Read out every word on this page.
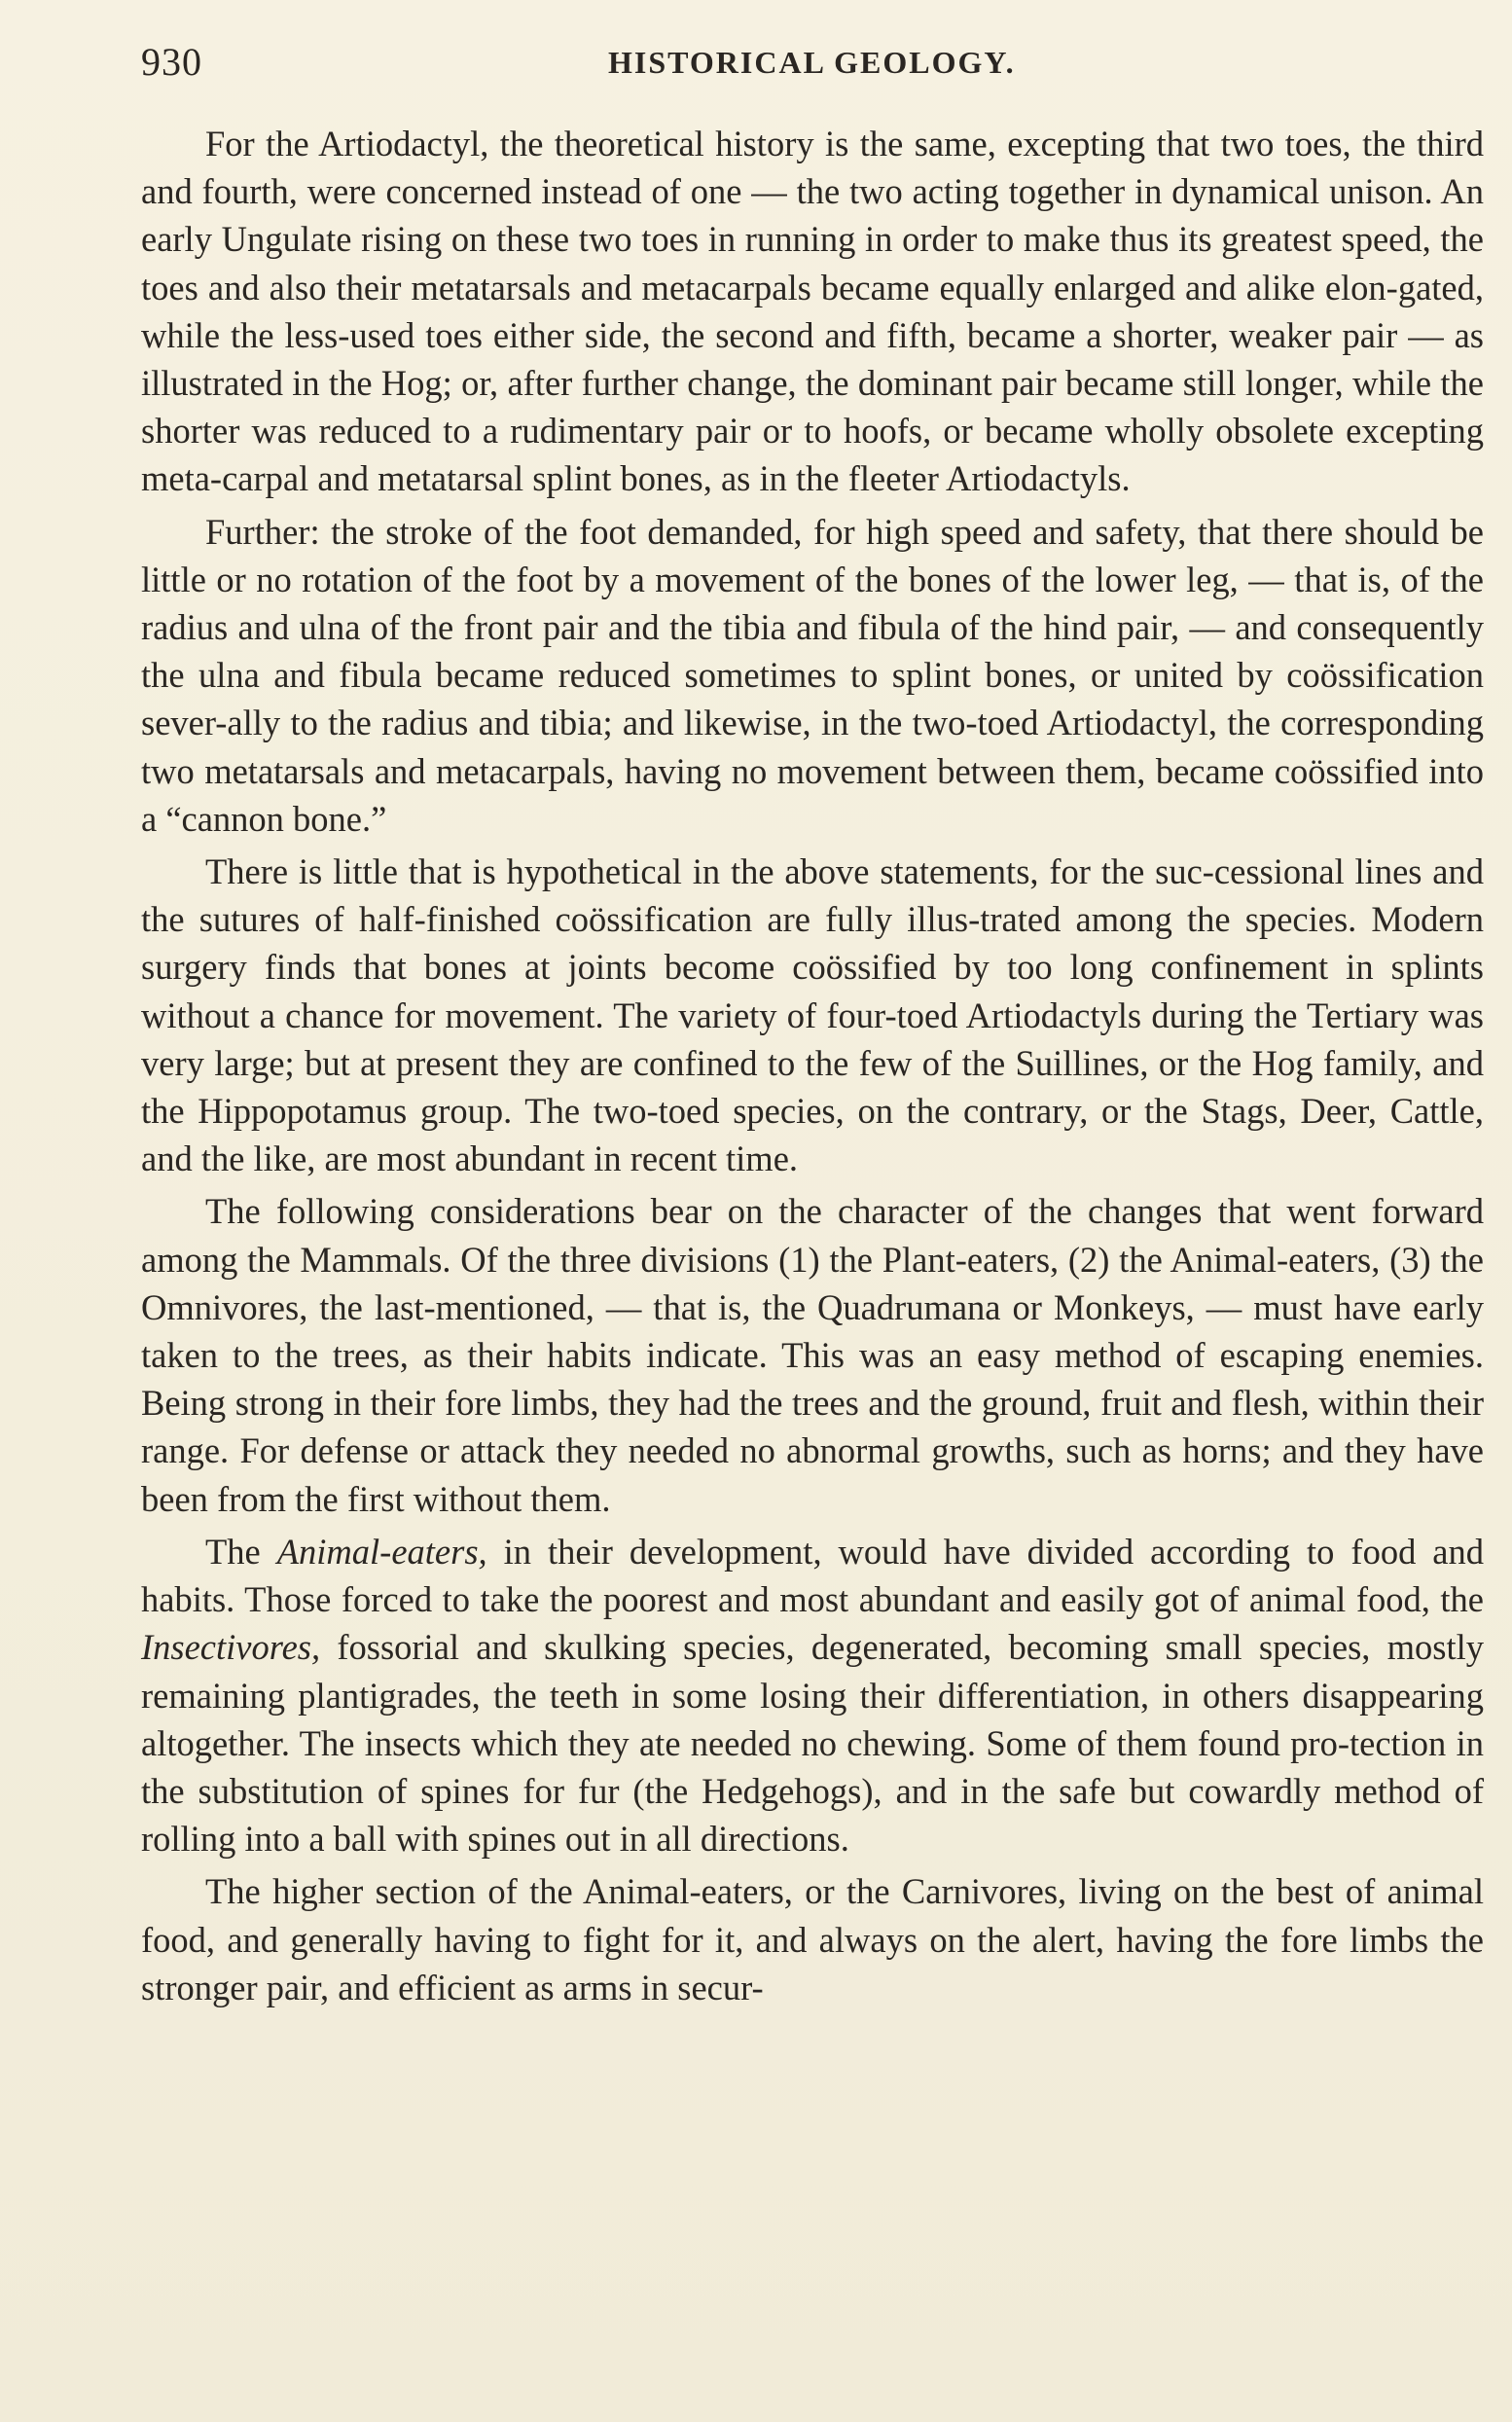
930	HISTORICAL GEOLOGY.

For the Artiodactyl, the theoretical history is the same, excepting that two toes, the third and fourth, were concerned instead of one — the two acting together in dynamical unison. An early Ungulate rising on these two toes in running in order to make thus its greatest speed, the toes and also their metatarsals and metacarpals became equally enlarged and alike elon-gated, while the less-used toes either side, the second and fifth, became a shorter, weaker pair — as illustrated in the Hog; or, after further change, the dominant pair became still longer, while the shorter was reduced to a rudimentary pair or to hoofs, or became wholly obsolete excepting meta-carpal and metatarsal splint bones, as in the fleeter Artiodactyls.

Further: the stroke of the foot demanded, for high speed and safety, that there should be little or no rotation of the foot by a movement of the bones of the lower leg, — that is, of the radius and ulna of the front pair and the tibia and fibula of the hind pair, — and consequently the ulna and fibula became reduced sometimes to splint bones, or united by coössification sever-ally to the radius and tibia; and likewise, in the two-toed Artiodactyl, the corresponding two metatarsals and metacarpals, having no movement between them, became coössified into a “cannon bone.”

There is little that is hypothetical in the above statements, for the suc-cessional lines and the sutures of half-finished coössification are fully illus-trated among the species. Modern surgery finds that bones at joints become coössified by too long confinement in splints without a chance for movement. The variety of four-toed Artiodactyls during the Tertiary was very large; but at present they are confined to the few of the Suillines, or the Hog family, and the Hippopotamus group. The two-toed species, on the contrary, or the Stags, Deer, Cattle, and the like, are most abundant in recent time.

The following considerations bear on the character of the changes that went forward among the Mammals. Of the three divisions (1) the Plant-eaters, (2) the Animal-eaters, (3) the Omnivores, the last-mentioned, — that is, the Quadrumana or Monkeys, — must have early taken to the trees, as their habits indicate. This was an easy method of escaping enemies. Being strong in their fore limbs, they had the trees and the ground, fruit and flesh, within their range. For defense or attack they needed no abnormal growths, such as horns; and they have been from the first without them.

The Animal-eaters, in their development, would have divided according to food and habits. Those forced to take the poorest and most abundant and easily got of animal food, the Insectivores, fossorial and skulking species, degenerated, becoming small species, mostly remaining plantigrades, the teeth in some losing their differentiation, in others disappearing altogether. The insects which they ate needed no chewing. Some of them found pro-tection in the substitution of spines for fur (the Hedgehogs), and in the safe but cowardly method of rolling into a ball with spines out in all directions.

The higher section of the Animal-eaters, or the Carnivores, living on the best of animal food, and generally having to fight for it, and always on the alert, having the fore limbs the stronger pair, and efficient as arms in secur-
